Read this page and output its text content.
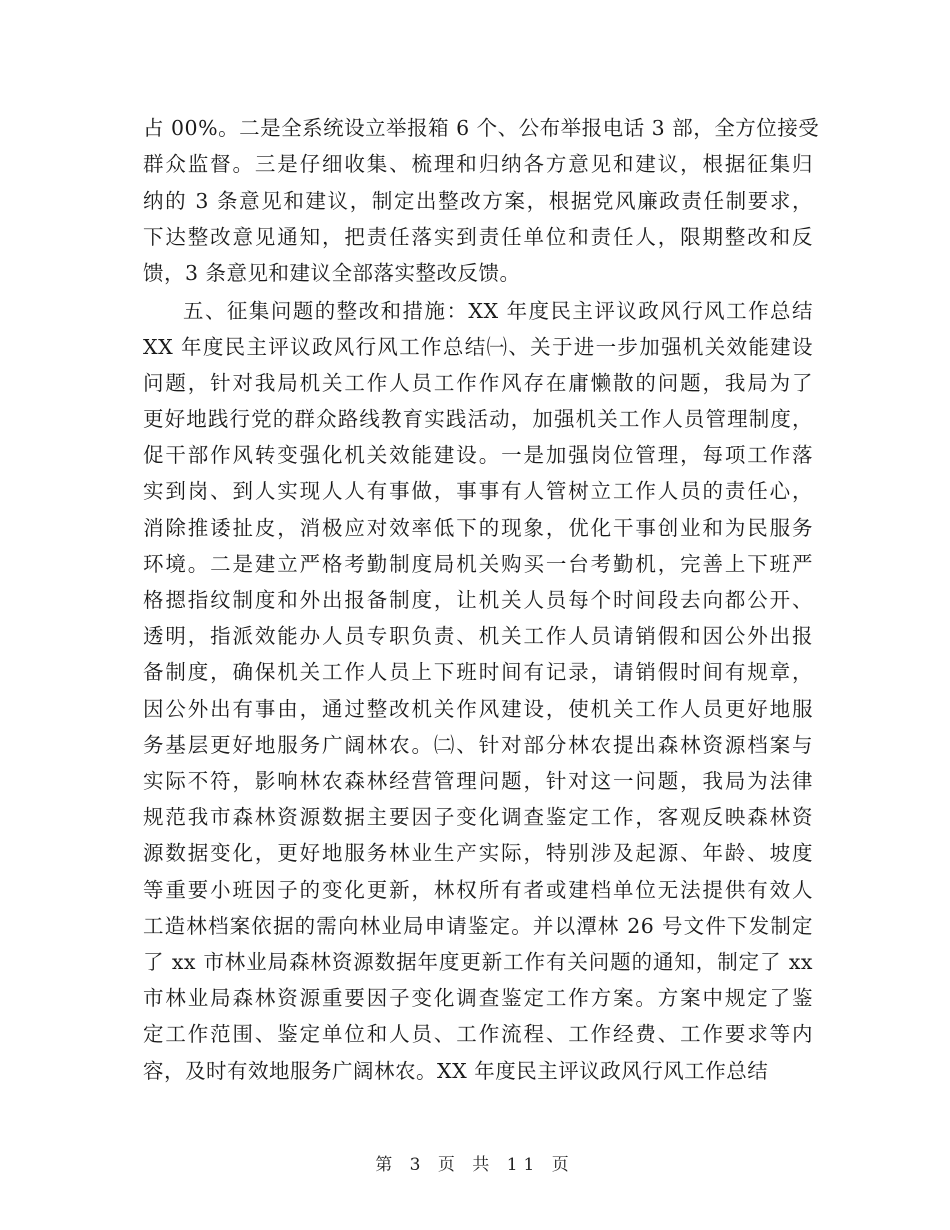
占 00%。二是全系统设立举报箱 6 个、公布举报电话 3 部，全方位接受
群众监督。三是仔细收集、梳理和归纳各方意见和建议，根据征集归
纳的 3 条意见和建议，制定出整改方案，根据党风廉政责任制要求，
下达整改意见通知，把责任落实到责任单位和责任人，限期整改和反
馈，3 条意见和建议全部落实整改反馈。
五、征集问题的整改和措施：XX 年度民主评议政风行风工作总结
XX 年度民主评议政风行风工作总结㈠、关于进一步加强机关效能建设
问题，针对我局机关工作人员工作作风存在庸懒散的问题，我局为了
更好地践行党的群众路线教育实践活动，加强机关工作人员管理制度，
促干部作风转变强化机关效能建设。一是加强岗位管理，每项工作落
实到岗、到人实现人人有事做，事事有人管树立工作人员的责任心，
消除推诿扯皮，消极应对效率低下的现象，优化干事创业和为民服务
环境。二是建立严格考勤制度局机关购买一台考勤机，完善上下班严
格摁指纹制度和外出报备制度，让机关人员每个时间段去向都公开、
透明，指派效能办人员专职负责、机关工作人员请销假和因公外出报
备制度，确保机关工作人员上下班时间有记录，请销假时间有规章，
因公外出有事由，通过整改机关作风建设，使机关工作人员更好地服
务基层更好地服务广阔林农。㈡、针对部分林农提出森林资源档案与
实际不符，影响林农森林经营管理问题，针对这一问题，我局为法律
规范我市森林资源数据主要因子变化调查鉴定工作，客观反映森林资
源数据变化，更好地服务林业生产实际，特别涉及起源、年龄、坡度
等重要小班因子的变化更新，林权所有者或建档单位无法提供有效人
工造林档案依据的需向林业局申请鉴定。并以潭林 26 号文件下发制定
了 xx 市林业局森林资源数据年度更新工作有关问题的通知，制定了 xx
市林业局森林资源重要因子变化调查鉴定工作方案。方案中规定了鉴
定工作范围、鉴定单位和人员、工作流程、工作经费、工作要求等内
容，及时有效地服务广阔林农。XX 年度民主评议政风行风工作总结
第 3 页 共 11 页
